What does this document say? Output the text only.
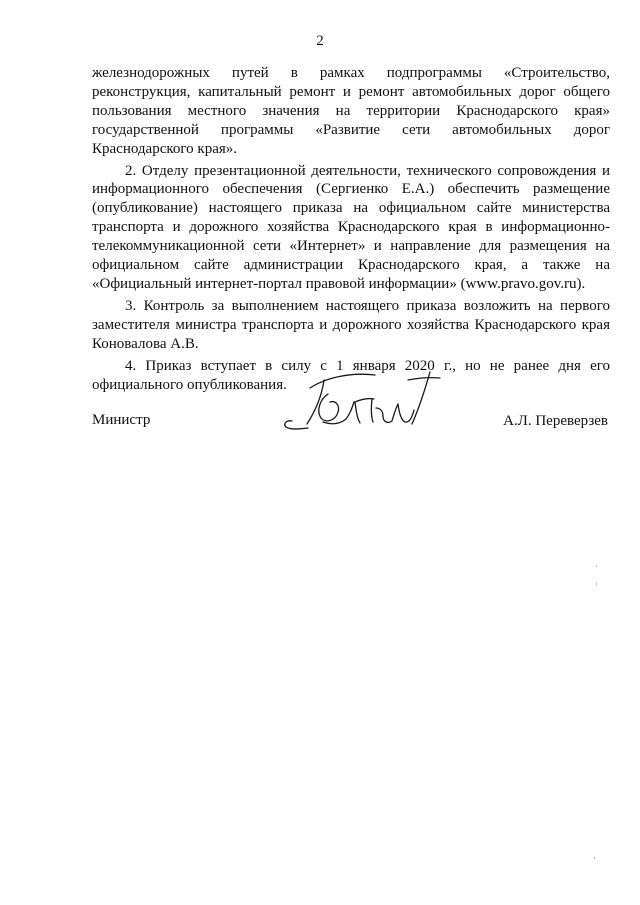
2

железнодорожных путей в рамках подпрограммы «Строительство, реконструкция, капитальный ремонт и ремонт автомобильных дорог общего пользования местного значения на территории Краснодарского края» государственной программы «Развитие сети автомобильных дорог Краснодарского края».

2. Отделу презентационной деятельности, технического сопровождения и информационного обеспечения (Сергиенко Е.А.) обеспечить размещение (опубликование) настоящего приказа на официальном сайте министерства транспорта и дорожного хозяйства Краснодарского края в информационно-телекоммуникационной сети «Интернет» и направление для размещения на официальном сайте администрации Краснодарского края, а также на «Официальный интернет-портал правовой информации» (www.pravo.gov.ru).

3. Контроль за выполнением настоящего приказа возложить на первого заместителя министра транспорта и дорожного хозяйства Краснодарского края Коновалова А.В.

4. Приказ вступает в силу с 1 января 2020 г., но не ранее дня его официального опубликования.

Министр	А.Л. Переверзев
